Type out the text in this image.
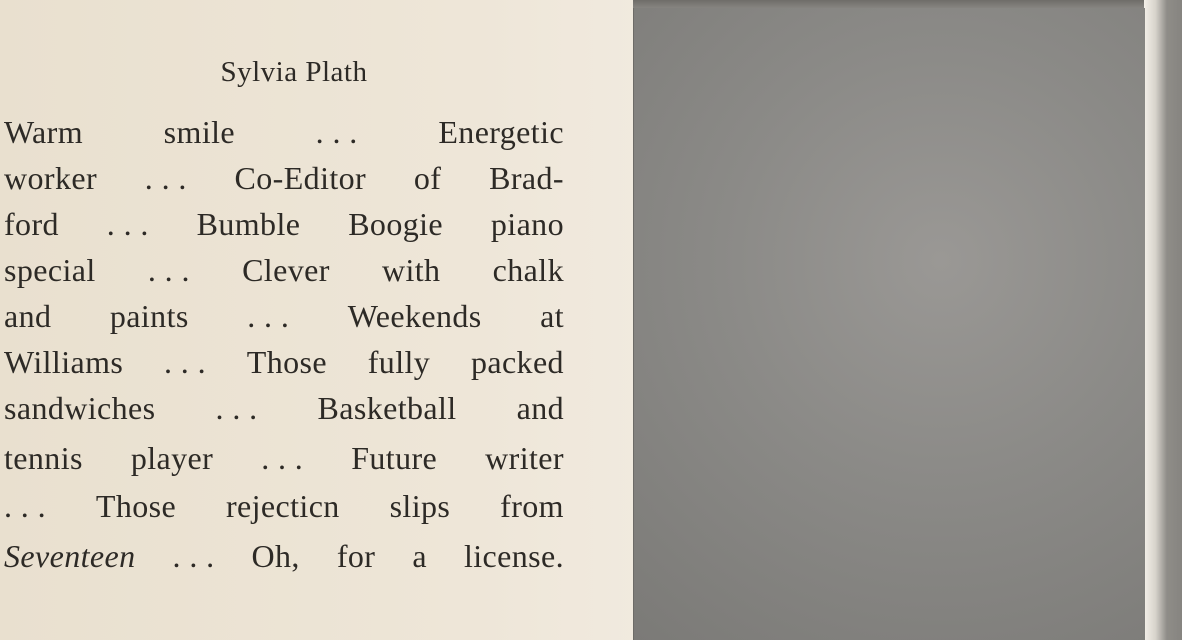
Sylvia Plath
Warm	smile	. . .	Energetic
worker . . . Co-Editor of Brad-
ford . . . Bumble Boogie piano
special . . . Clever with chalk
and paints . . . Weekends at
Williams . . . Those fully packed
sandwiches . . . Basketball and
tennis player . . . Future writer
. . . Those rejecticn slips from
Seventeen . . . Oh, for a license.
